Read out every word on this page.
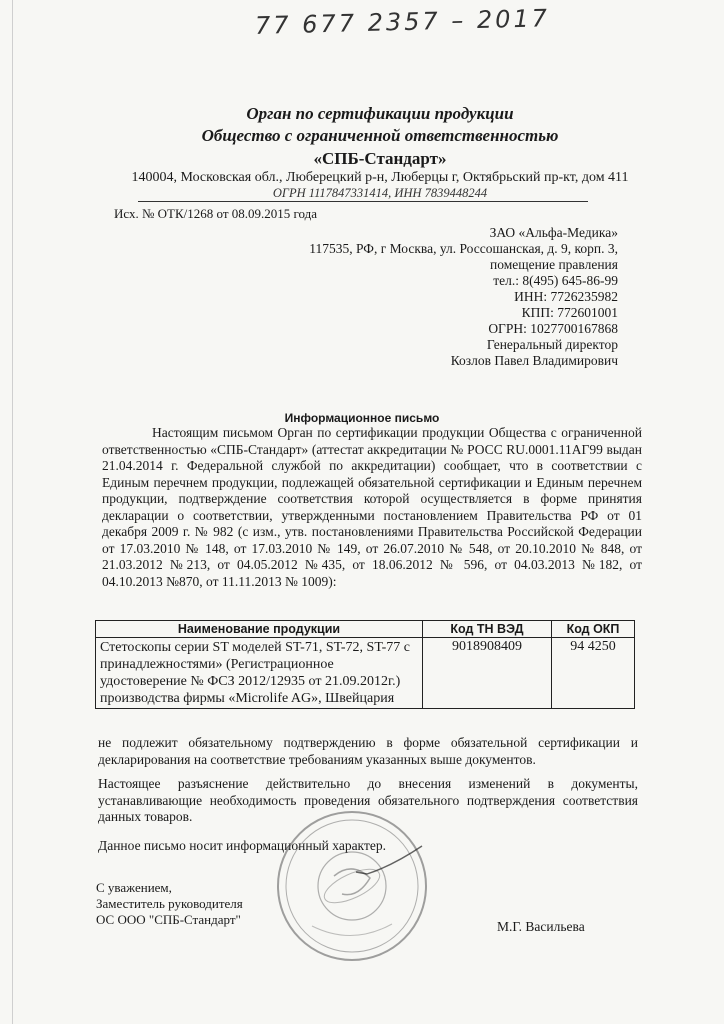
77 677 2357 – 2017
Орган по сертификации продукции
Общество с ограниченной ответственностью
«СПБ-Стандарт»
140004, Московская обл., Люберецкий р-н, Люберцы г, Октябрьский пр-кт, дом 411
ОГРН 1117847331414, ИНН 7839448244
Исх. № ОТК/1268 от 08.09.2015 года
ЗАО «Альфа-Медика»
117535, РФ, г Москва, ул. Россошанская, д. 9, корп. 3, помещение правления
тел.: 8(495) 645-86-99
ИНН: 7726235982
КПП: 772601001
ОГРН: 1027700167868
Генеральный директор
Козлов Павел Владимирович
Информационное письмо
Настоящим письмом Орган по сертификации продукции Общества с ограниченной ответственностью «СПБ-Стандарт» (аттестат аккредитации № РОСС RU.0001.11АГ99 выдан 21.04.2014 г. Федеральной службой по аккредитации) сообщает, что в соответствии с Единым перечнем продукции, подлежащей обязательной сертификации и Единым перечнем продукции, подтверждение соответствия которой осуществляется в форме принятия декларации о соответствии, утвержденными постановлением Правительства РФ от 01 декабря 2009 г. № 982 (с изм., утв. постановлениями Правительства Российской Федерации от 17.03.2010 № 148, от 17.03.2010 № 149, от 26.07.2010 № 548, от 20.10.2010 № 848, от 21.03.2012 №213, от 04.05.2012 №435, от 18.06.2012 № 596, от 04.03.2013 №182, от 04.10.2013 №870, от 11.11.2013 № 1009):
Наименование продукции	Код ТН ВЭД	Код ОКП
Стетоскопы серии ST моделей ST-71, ST-72, ST-77 с принадлежностями» (Регистрационное удостоверение № ФСЗ 2012/12935 от 21.09.2012г.) производства фирмы «Microlife AG», Швейцария	9018908409	94 4250
не подлежит обязательному подтверждению в форме обязательной сертификации и декларирования на соответствие требованиям указанных выше документов.
Настоящее разъяснение действительно до внесения изменений в документы, устанавливающие необходимость проведения обязательного подтверждения соответствия данных товаров.
Данное письмо носит информационный характер.
С уважением,
Заместитель руководителя
ОС ООО "СПБ-Стандарт"	М.Г. Васильева
